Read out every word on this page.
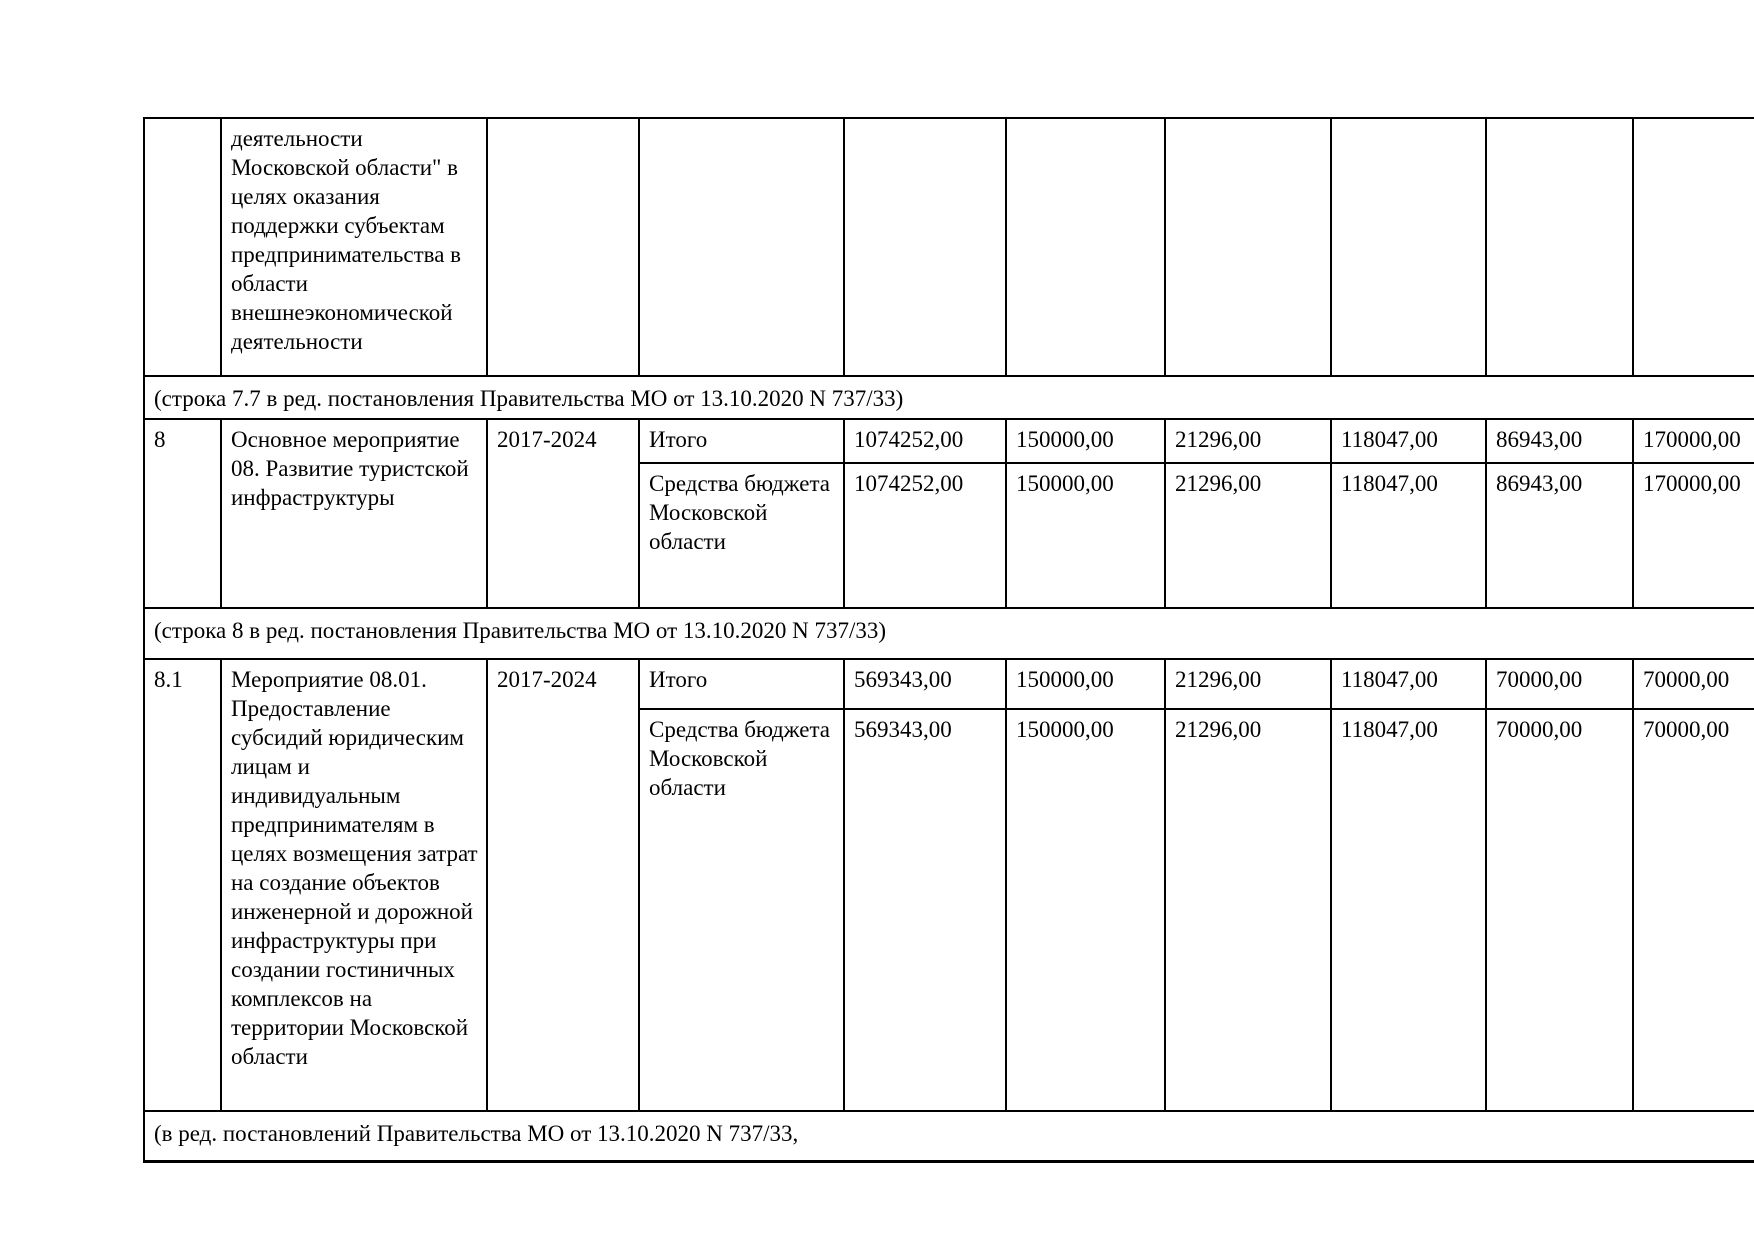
	деятельности Московской области" в целях оказания поддержки субъектам предпринимательства в области внешнеэкономической деятельности								
(строка 7.7 в ред. постановления Правительства МО от 13.10.2020 N 737/33)									
8	Основное мероприятие 08. Развитие туристской инфраструктуры	2017-2024	Итого	1074252,00	150000,00	21296,00	118047,00	86943,00	170000,00
			Средства бюджета Московской области	1074252,00	150000,00	21296,00	118047,00	86943,00	170000,00
(строка 8 в ред. постановления Правительства МО от 13.10.2020 N 737/33)									
8.1	Мероприятие 08.01. Предоставление субсидий юридическим лицам и индивидуальным предпринимателям в целях возмещения затрат на создание объектов инженерной и дорожной инфраструктуры при создании гостиничных комплексов на территории Московской области	2017-2024	Итого	569343,00	150000,00	21296,00	118047,00	70000,00	70000,00
			Средства бюджета Московской области	569343,00	150000,00	21296,00	118047,00	70000,00	70000,00
(в ред. постановлений Правительства МО от 13.10.2020 N 737/33,									
